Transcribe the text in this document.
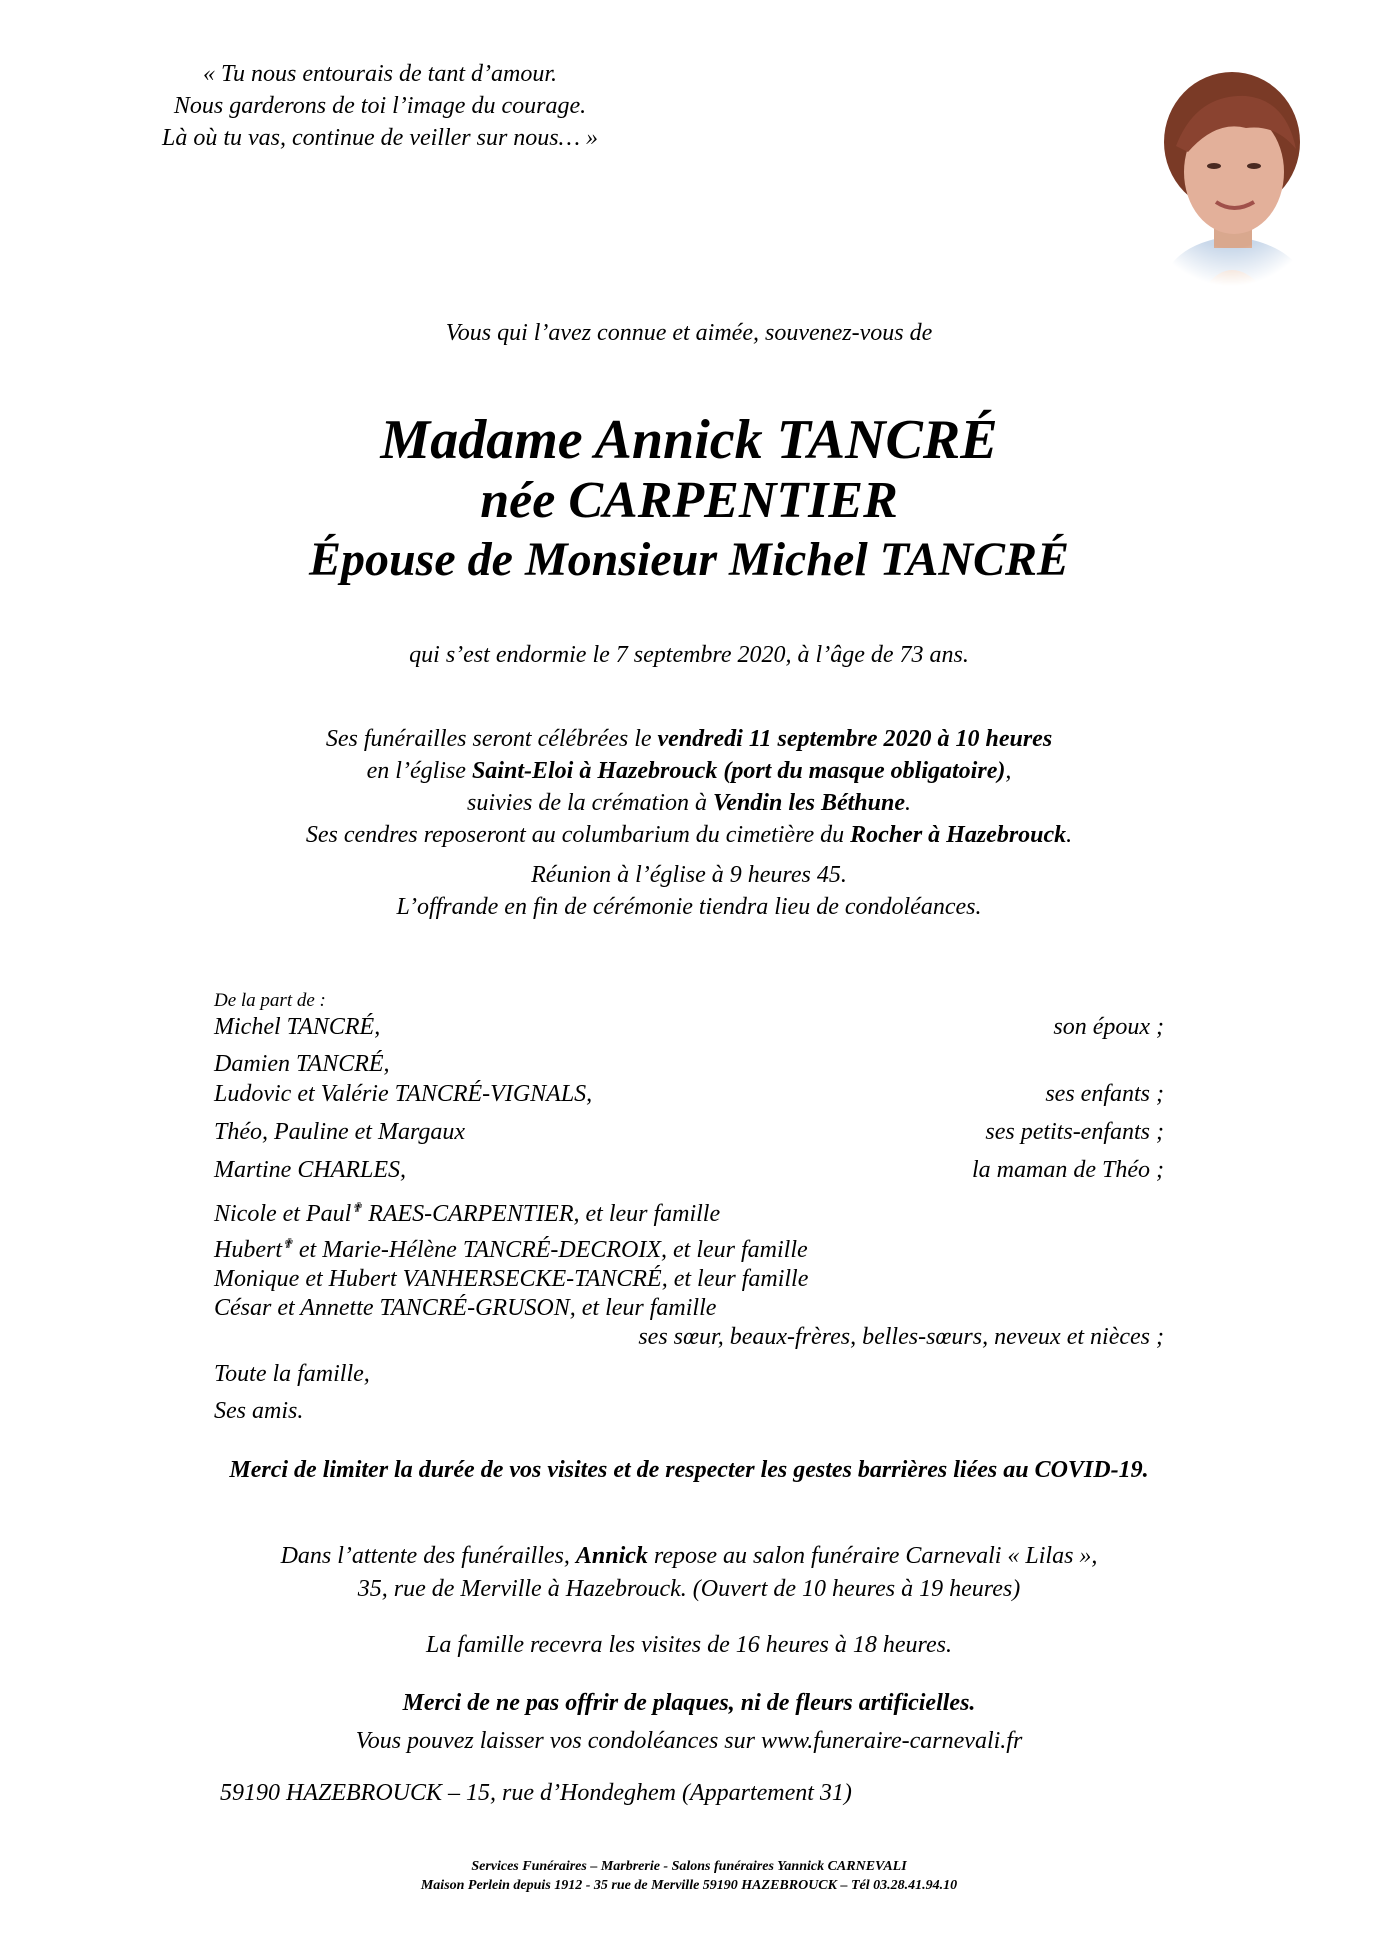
« Tu nous entourais de tant d’amour.
Nous garderons de toi l’image du courage.
Là où tu vas, continue de veiller sur nous… »
Vous qui l’avez connue et aimée, souvenez-vous de
Madame Annick TANCRÉ
née CARPENTIER
Épouse de Monsieur Michel TANCRÉ
qui s’est endormie le 7 septembre 2020, à l’âge de 73 ans.
Ses funérailles seront célébrées le vendredi 11 septembre 2020 à 10 heures
en l’église Saint-Eloi à Hazebrouck (port du masque obligatoire),
suivies de la crémation à Vendin les Béthune.
Ses cendres reposeront au columbarium du cimetière du Rocher à Hazebrouck.
Réunion à l’église à 9 heures 45.
L’offrande en fin de cérémonie tiendra lieu de condoléances.
De la part de :
Michel TANCRÉ,	son époux ;
Damien TANCRÉ,
Ludovic et Valérie TANCRÉ-VIGNALS,	ses enfants ;
Théo, Pauline et Margaux	ses petits-enfants ;
Martine CHARLES,	la maman de Théo ;
Nicole et Paul✟ RAES-CARPENTIER, et leur famille
Hubert✟ et Marie-Hélène TANCRÉ-DECROIX, et leur famille
Monique et Hubert VANHERSECKE-TANCRÉ, et leur famille
César et Annette TANCRÉ-GRUSON, et leur famille
ses sœur, beaux-frères, belles-sœurs, neveux et nièces ;
Toute la famille,
Ses amis.
Merci de limiter la durée de vos visites et de respecter les gestes barrières liées au COVID-19.
Dans l’attente des funérailles, Annick repose au salon funéraire Carnevali « Lilas »,
35, rue de Merville à Hazebrouck. (Ouvert de 10 heures à 19 heures)
La famille recevra les visites de 16 heures à 18 heures.
Merci de ne pas offrir de plaques, ni de fleurs artificielles.
Vous pouvez laisser vos condoléances sur www.funeraire-carnevali.fr
59190 HAZEBROUCK – 15, rue d’Hondeghem (Appartement 31)
Services Funéraires – Marbrerie - Salons funéraires Yannick CARNEVALI
Maison Perlein depuis 1912 - 35 rue de Merville 59190 HAZEBROUCK – Tél 03.28.41.94.10
